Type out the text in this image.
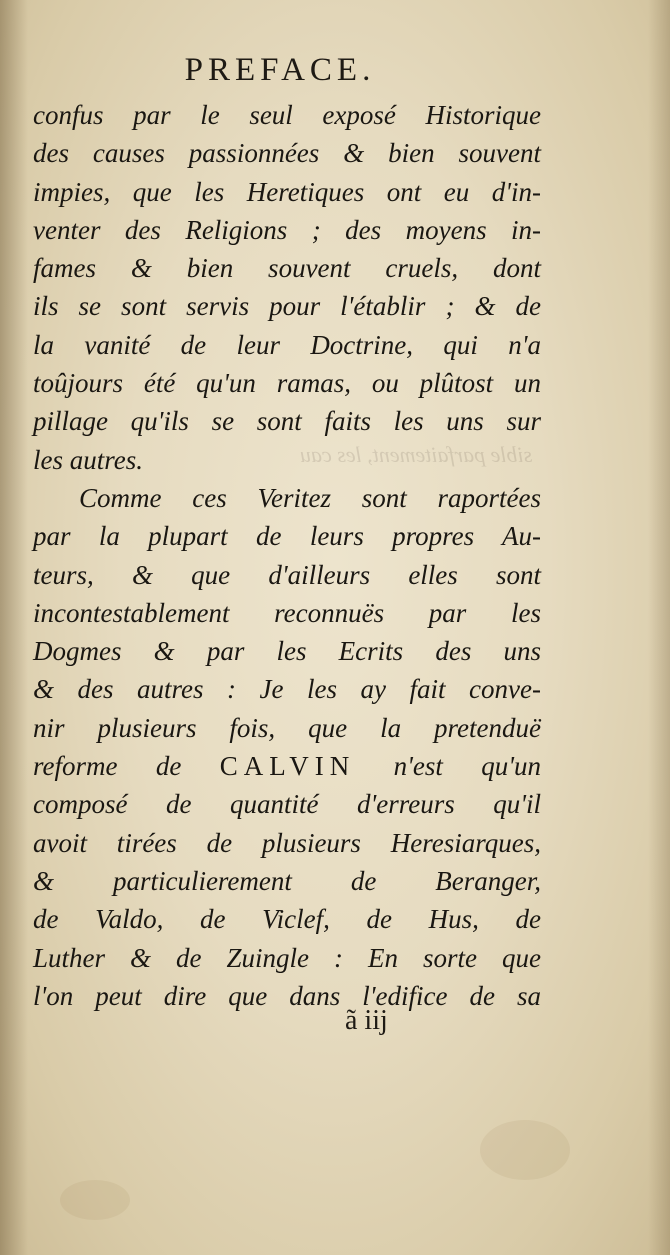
sible parfaitement, les cau
PREFACE.
confus par le seul exposé Historique
des causes passionnées & bien souvent
impies, que les Heretiques ont eu d'in-
venter des Religions ; des moyens in-
fames & bien souvent cruels, dont
ils se sont servis pour l'établir ; & de
la vanité de leur Doctrine, qui n'a
toûjours été qu'un ramas, ou plûtost un
pillage qu'ils se sont faits les uns sur
les autres.
Comme ces Veritez sont raportées
par la plupart de leurs propres Au-
teurs, & que d'ailleurs elles sont
incontestablement reconnuës par les
Dogmes & par les Ecrits des uns
& des autres : Je les ay fait conve-
nir plusieurs fois, que la pretenduë
reforme de CALVIN n'est qu'un
composé de quantité d'erreurs qu'il
avoit tirées de plusieurs Heresiarques,
& particulierement de Beranger,
de Valdo, de Viclef, de Hus, de
Luther & de Zuingle : En sorte que
l'on peut dire que dans l'edifice de sa
ã iij
